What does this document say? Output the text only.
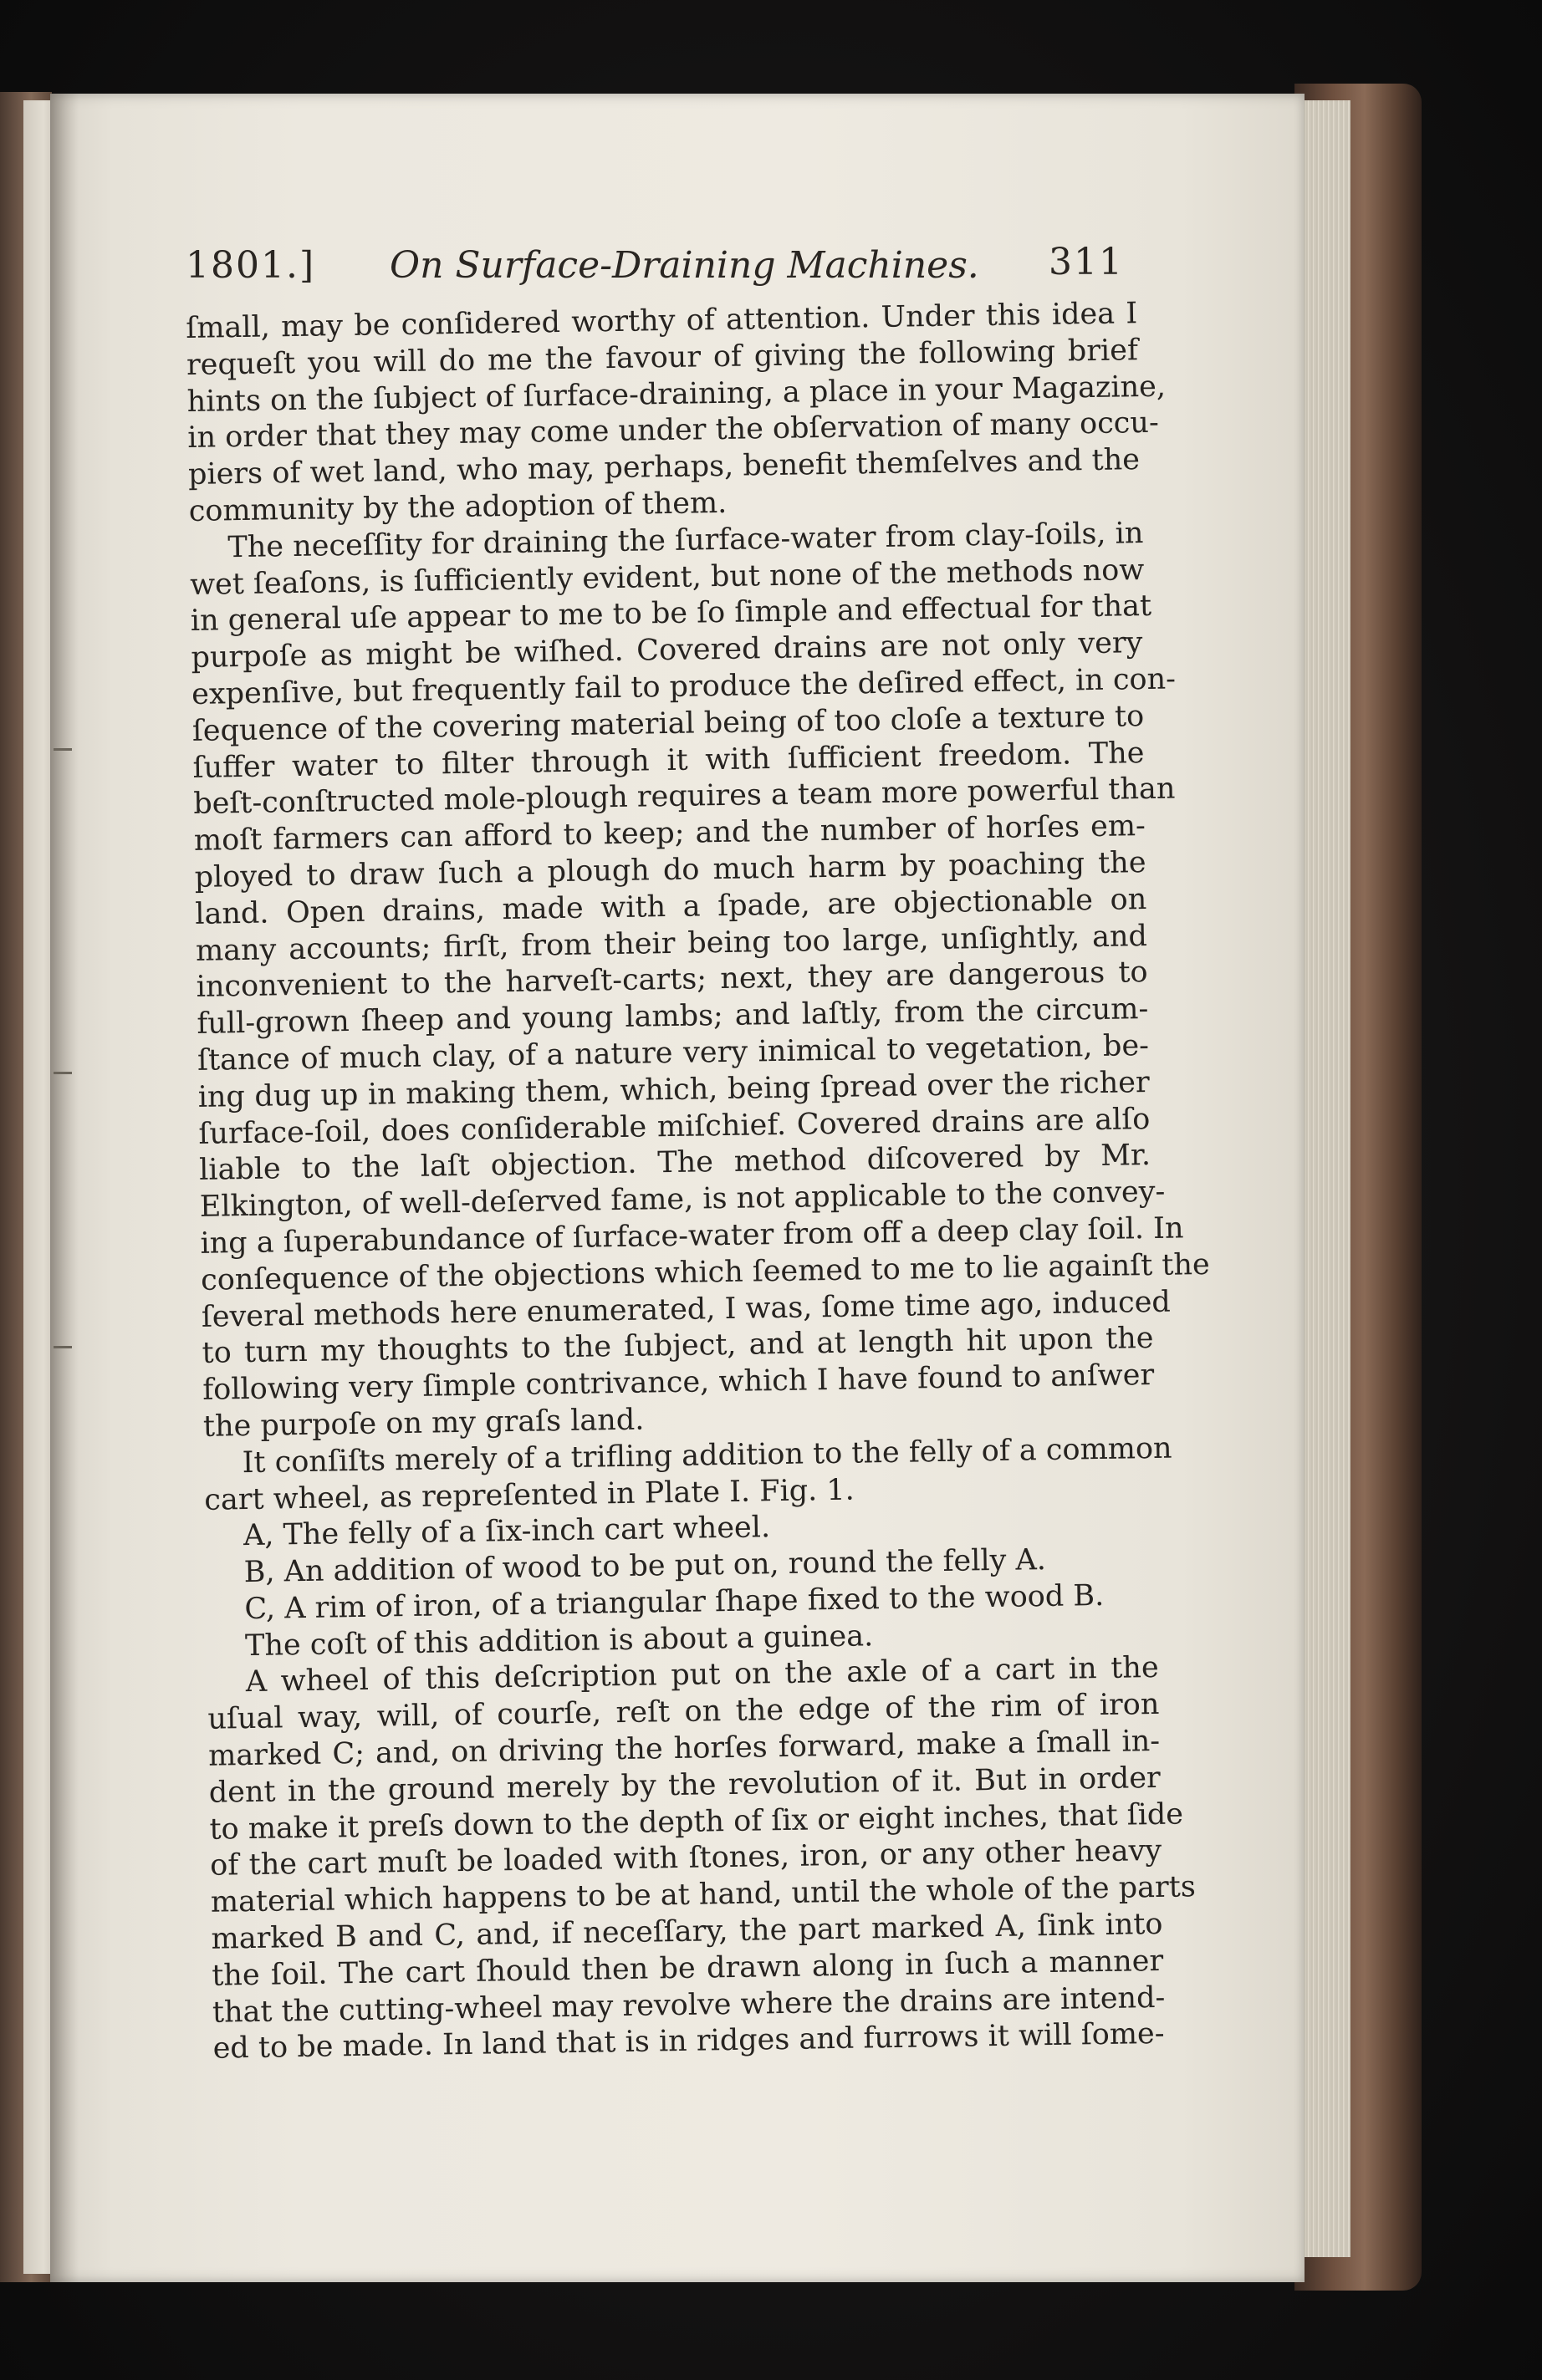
1801.] On Surface-Draining Machines. 311
ſmall, may be conſidered worthy of attention. Under this idea I
requeſt you will do me the favour of giving the following brief
hints on the ſubject of ſurface-draining, a place in your Magazine,
in order that they may come under the obſervation of many occu-
piers of wet land, who may, perhaps, benefit themſelves and the
community by the adoption of them.
The neceſſity for draining the ſurface-water from clay-ſoils, in
wet ſeaſons, is ſufficiently evident, but none of the methods now
in general uſe appear to me to be ſo ſimple and effectual for that
purpoſe as might be wiſhed. Covered drains are not only very
expenſive, but frequently fail to produce the deſired effect, in con-
ſequence of the covering material being of too cloſe a texture to
ſuffer water to filter through it with ſufficient freedom. The
beſt-conſtructed mole-plough requires a team more powerful than
moſt farmers can afford to keep; and the number of horſes em-
ployed to draw ſuch a plough do much harm by poaching the
land. Open drains, made with a ſpade, are objectionable on
many accounts; firſt, from their being too large, unſightly, and
inconvenient to the harveſt-carts; next, they are dangerous to
full-grown ſheep and young lambs; and laſtly, from the circum-
ſtance of much clay, of a nature very inimical to vegetation, be-
ing dug up in making them, which, being ſpread over the richer
ſurface-ſoil, does conſiderable miſchief. Covered drains are alſo
liable to the laſt objection. The method diſcovered by Mr.
Elkington, of well-deſerved fame, is not applicable to the convey-
ing a ſuperabundance of ſurface-water from off a deep clay ſoil. In
conſequence of the objections which ſeemed to me to lie againſt the
ſeveral methods here enumerated, I was, ſome time ago, induced
to turn my thoughts to the ſubject, and at length hit upon the
following very ſimple contrivance, which I have found to anſwer
the purpoſe on my graſs land.
It conſiſts merely of a trifling addition to the felly of a common
cart wheel, as repreſented in Plate I. Fig. 1.
A, The felly of a ſix-inch cart wheel.
B, An addition of wood to be put on, round the felly A.
C, A rim of iron, of a triangular ſhape fixed to the wood B.
The coſt of this addition is about a guinea.
A wheel of this deſcription put on the axle of a cart in the
uſual way, will, of courſe, reſt on the edge of the rim of iron
marked C; and, on driving the horſes forward, make a ſmall in-
dent in the ground merely by the revolution of it. But in order
to make it preſs down to the depth of ſix or eight inches, that ſide
of the cart muſt be loaded with ſtones, iron, or any other heavy
material which happens to be at hand, until the whole of the parts
marked B and C, and, if neceſſary, the part marked A, ſink into
the ſoil. The cart ſhould then be drawn along in ſuch a manner
that the cutting-wheel may revolve where the drains are intend-
ed to be made. In land that is in ridges and furrows it will ſome-
